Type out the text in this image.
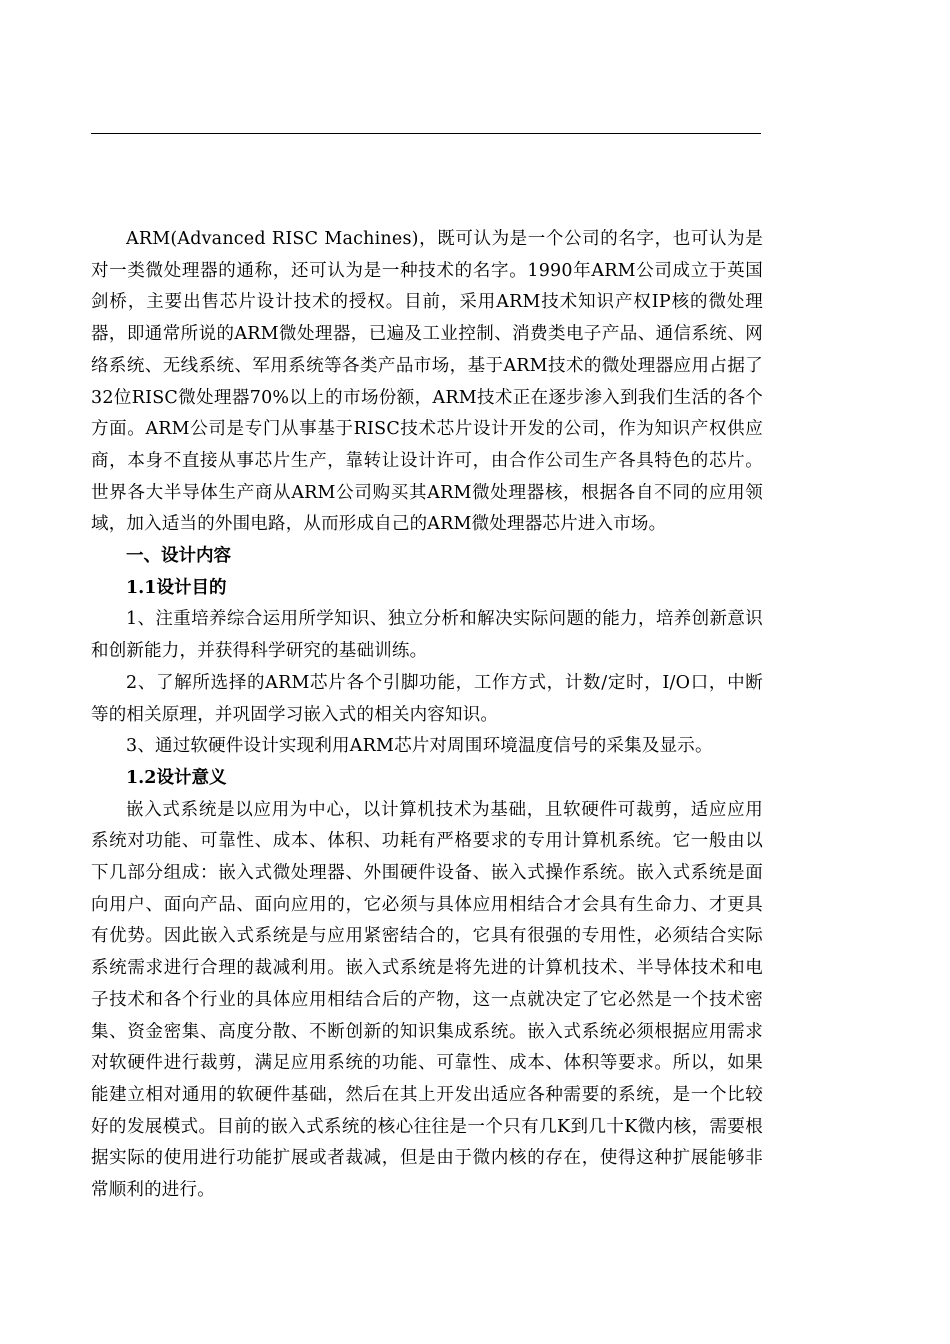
ARM(Advanced RISC Machines)，既可认为是一个公司的名字，也可认为是对一类微处理器的通称，还可认为是一种技术的名字。1990年ARM公司成立于英国剑桥，主要出售芯片设计技术的授权。目前，采用ARM技术知识产权IP核的微处理器，即通常所说的ARM微处理器，已遍及工业控制、消费类电子产品、通信系统、网络系统、无线系统、军用系统等各类产品市场，基于ARM技术的微处理器应用占据了32位RISC微处理器70%以上的市场份额，ARM技术正在逐步渗入到我们生活的各个方面。ARM公司是专门从事基于RISC技术芯片设计开发的公司，作为知识产权供应商，本身不直接从事芯片生产，靠转让设计许可，由合作公司生产各具特色的芯片。世界各大半导体生产商从ARM公司购买其ARM微处理器核，根据各自不同的应用领域，加入适当的外围电路，从而形成自己的ARM微处理器芯片进入市场。

一、设计内容

1.1设计目的

1、注重培养综合运用所学知识、独立分析和解决实际问题的能力，培养创新意识和创新能力，并获得科学研究的基础训练。

2、了解所选择的ARM芯片各个引脚功能，工作方式，计数/定时，I/O口，中断等的相关原理，并巩固学习嵌入式的相关内容知识。

3、通过软硬件设计实现利用ARM芯片对周围环境温度信号的采集及显示。

1.2设计意义

嵌入式系统是以应用为中心，以计算机技术为基础，且软硬件可裁剪，适应应用系统对功能、可靠性、成本、体积、功耗有严格要求的专用计算机系统。它一般由以下几部分组成：嵌入式微处理器、外围硬件设备、嵌入式操作系统。嵌入式系统是面向用户、面向产品、面向应用的，它必须与具体应用相结合才会具有生命力、才更具有优势。因此嵌入式系统是与应用紧密结合的，它具有很强的专用性，必须结合实际系统需求进行合理的裁减利用。嵌入式系统是将先进的计算机技术、半导体技术和电子技术和各个行业的具体应用相结合后的产物，这一点就决定了它必然是一个技术密集、资金密集、高度分散、不断创新的知识集成系统。嵌入式系统必须根据应用需求对软硬件进行裁剪，满足应用系统的功能、可靠性、成本、体积等要求。所以，如果能建立相对通用的软硬件基础，然后在其上开发出适应各种需要的系统，是一个比较好的发展模式。目前的嵌入式系统的核心往往是一个只有几K到几十K微内核，需要根据实际的使用进行功能扩展或者裁减，但是由于微内核的存在，使得这种扩展能够非常顺利的进行。
